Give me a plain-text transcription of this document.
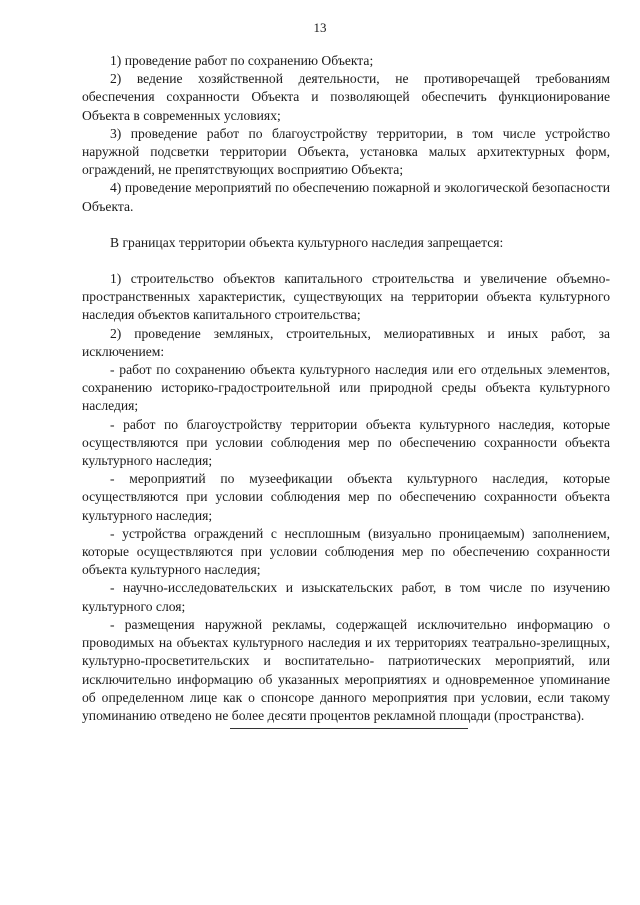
13

1) проведение работ по сохранению Объекта;

2) ведение хозяйственной деятельности, не противоречащей требованиям обеспечения сохранности Объекта и позволяющей обеспечить функционирование Объекта в современных условиях;

3) проведение работ по благоустройству территории, в том числе устройство наружной подсветки территории Объекта, установка малых архитектурных форм, ограждений, не препятствующих восприятию Объекта;

4) проведение мероприятий по обеспечению пожарной и экологической безопасности Объекта.

В границах территории объекта культурного наследия запрещается:

1) строительство объектов капитального строительства и увеличение объемно-пространственных характеристик, существующих на территории объекта культурного наследия объектов капитального строительства;

2) проведение земляных, строительных, мелиоративных и иных работ, за исключением:

- работ по сохранению объекта культурного наследия или его отдельных элементов, сохранению историко-градостроительной или природной среды объекта культурного наследия;

- работ по благоустройству территории объекта культурного наследия, которые осуществляются при условии соблюдения мер по обеспечению сохранности объекта культурного наследия;

- мероприятий по музеефикации объекта культурного наследия, которые осуществляются при условии соблюдения мер по обеспечению сохранности объекта культурного наследия;

- устройства ограждений с несплошным (визуально проницаемым) заполнением, которые осуществляются при условии соблюдения мер по обеспечению сохранности объекта культурного наследия;

- научно-исследовательских и изыскательских работ, в том числе по изучению культурного слоя;

- размещения наружной рекламы, содержащей исключительно информацию о проводимых на объектах культурного наследия и их территориях театрально-зрелищных, культурно-просветительских и воспитательно- патриотических мероприятий, или исключительно информацию об указанных мероприятиях и одновременное упоминание об определенном лице как о спонсоре данного мероприятия при условии, если такому упоминанию отведено не более десяти процентов рекламной площади (пространства).
